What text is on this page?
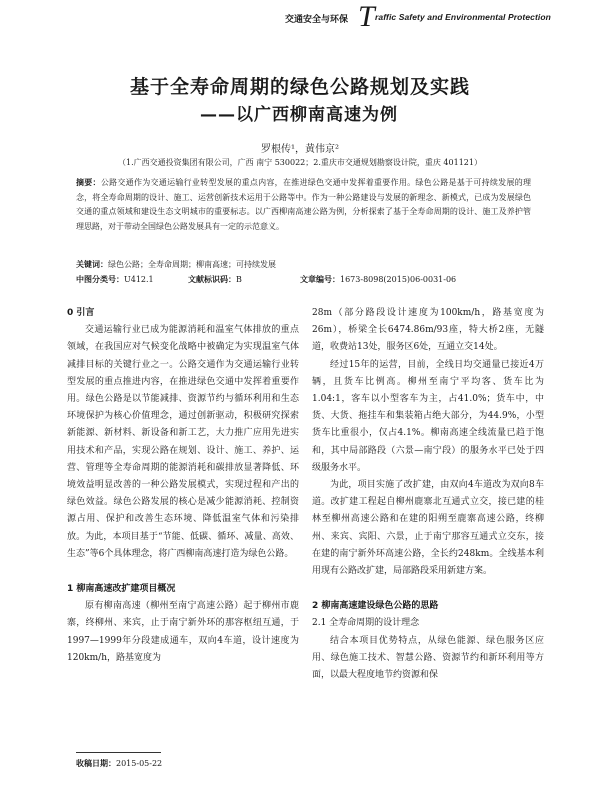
交通安全与环保 T raffic Safety and Environmental Protection
基于全寿命周期的绿色公路规划及实践
——以广西柳南高速为例
罗根传¹，黄伟京²
（1.广西交通投资集团有限公司，广西 南宁 530022；2.重庆市交通规划勘察设计院，重庆 401121）
摘要：公路交通作为交通运输行业转型发展的重点内容，在推进绿色交通中发挥着重要作用。绿色公路是基于可持续发展的理念，将全寿命周期的设计、施工、运营创新技术运用于公路等中。作为一种公路建设与发展的新理念、新模式，已成为发展绿色交通的重点领域和建设生态文明城市的重要标志。以广西柳南高速公路为例，分析探索了基于全寿命周期的设计、施工及养护管理思路，对于带动全国绿色公路发展具有一定的示范意义。
关键词：绿色公路；全寿命周期；柳南高速；可持续发展
中图分类号：U412.1	文献标识码：B	文章编号：1673-8098(2015)06-0031-06
0 引言

交通运输行业已成为能源消耗和温室气体排放的重点领域，在我国应对气候变化战略中被确定为实现温室气体减排目标的关键行业之一。公路交通作为交通运输行业转型发展的重点推进内容，在推进绿色交通中发挥着重要作用。绿色公路是以节能减排、资源节约与循环利用和生态环境保护为核心价值理念，通过创新驱动，积极研究探索新能源、新材料、新设备和新工艺，大力推广应用先进实用技术和产品，实现公路在规划、设计、施工、养护、运营、管理等全寿命周期的能源消耗和碳排放显著降低、环境效益明显改善的一种公路发展模式，实现过程和产出的绿色效益。绿色公路发展的核心是减少能源消耗、控制资源占用、保护和改善生态环境、降低温室气体和污染排放。为此，本项目基于“节能、低碳、循环、减量、高效、生态”等6个具体理念，将广西柳南高速打造为绿色公路。

1 柳南高速改扩建项目概况

原有柳南高速（柳州至南宁高速公路）起于柳州市鹿寨，终柳州、来宾，止于南宁新外环的那容枢纽互通，于1997—1999年分段建成通车，双向4车道，设计速度为120km/h，路基宽度为

28m（部分路段设计速度为100km/h，路基宽度为26m），桥梁全长6474.86m/93座，特大桥2座，无隧道，收费站13处，服务区6处，互通立交14处。

经过15年的运营，目前，全线日均交通量已接近4万辆，且货车比例高。柳州至南宁平均客、货车比为1.04:1，客车以小型客车为主，占41.0%；货车中，中货、大货、拖挂车和集装箱占绝大部分，为44.9%，小型货车比重很小，仅占4.1%。柳南高速全线流量已趋于饱和，其中局部路段（六景—南宁段）的服务水平已处于四级服务水平。

为此，项目实施了改扩建，由双向4车道改为双向8车道。改扩建工程起自柳州鹿寨北互通式立交，接已建的桂林至柳州高速公路和在建的阳朔至鹿寨高速公路，终柳州、来宾、宾阳、六景，止于南宁那容互通式立交东，接在建的南宁新外环高速公路，全长约248km。全线基本利用现有公路改扩建，局部路段采用新建方案。

2 柳南高速建设绿色公路的思路
2.1 全寿命周期的设计理念

结合本项目优势特点，从绿色能源、绿色服务区应用、绿色施工技术、智慧公路、资源节约和新环利用等方面，以最大程度地节约资源和保

收稿日期：2015-05-22
